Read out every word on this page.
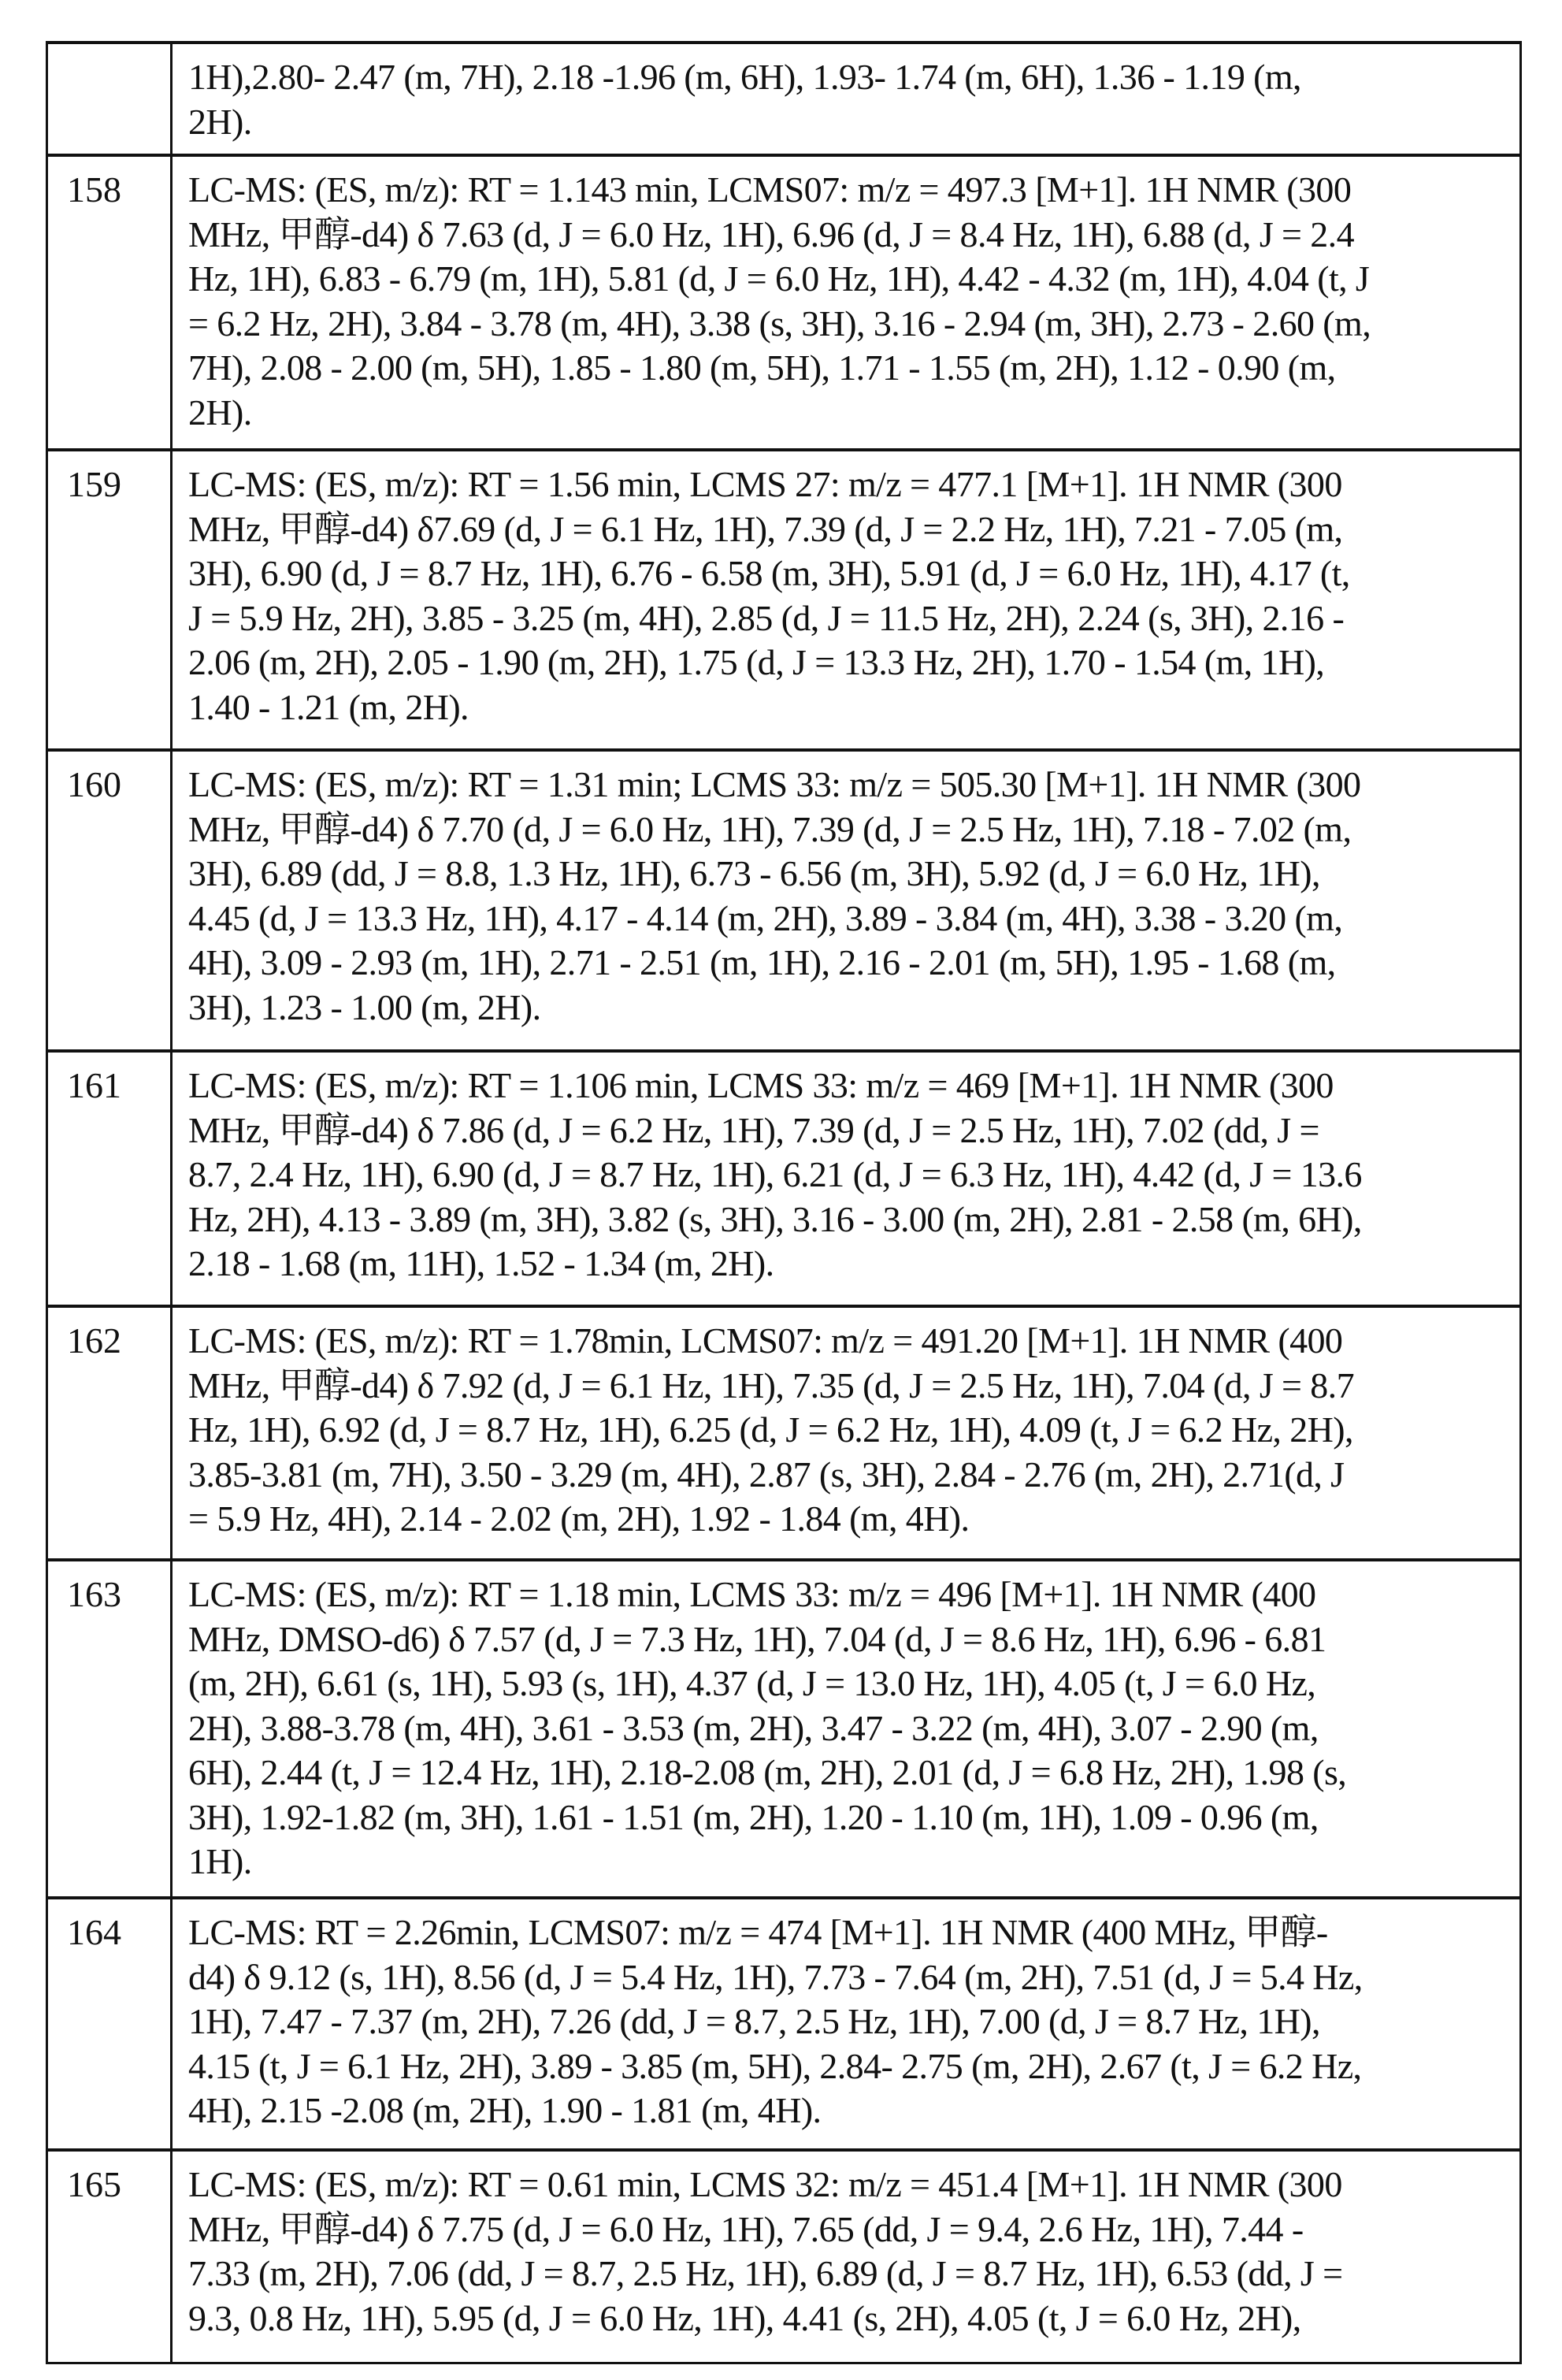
1H),2.80- 2.47 (m, 7H), 2.18 -1.96 (m, 6H), 1.93- 1.74 (m, 6H), 1.36 - 1.19 (m,
2H).
158	LC-MS: (ES, m/z): RT = 1.143 min, LCMS07: m/z = 497.3 [M+1]. 1H NMR (300
MHz, 甲醇-d4) δ 7.63 (d, J = 6.0 Hz, 1H), 6.96 (d, J = 8.4 Hz, 1H), 6.88 (d, J = 2.4
Hz, 1H), 6.83 - 6.79 (m, 1H), 5.81 (d, J = 6.0 Hz, 1H), 4.42 - 4.32 (m, 1H), 4.04 (t, J
= 6.2 Hz, 2H), 3.84 - 3.78 (m, 4H), 3.38 (s, 3H), 3.16 - 2.94 (m, 3H), 2.73 - 2.60 (m,
7H), 2.08 - 2.00 (m, 5H), 1.85 - 1.80 (m, 5H), 1.71 - 1.55 (m, 2H), 1.12 - 0.90 (m,
2H).
159	LC-MS: (ES, m/z): RT = 1.56 min, LCMS 27: m/z = 477.1 [M+1]. 1H NMR (300
MHz, 甲醇-d4) δ7.69 (d, J = 6.1 Hz, 1H), 7.39 (d, J = 2.2 Hz, 1H), 7.21 - 7.05 (m,
3H), 6.90 (d, J = 8.7 Hz, 1H), 6.76 - 6.58 (m, 3H), 5.91 (d, J = 6.0 Hz, 1H), 4.17 (t,
J = 5.9 Hz, 2H), 3.85 - 3.25 (m, 4H), 2.85 (d, J = 11.5 Hz, 2H), 2.24 (s, 3H), 2.16 -
2.06 (m, 2H), 2.05 - 1.90 (m, 2H), 1.75 (d, J = 13.3 Hz, 2H), 1.70 - 1.54 (m, 1H),
1.40 - 1.21 (m, 2H).
160	LC-MS: (ES, m/z): RT = 1.31 min; LCMS 33: m/z = 505.30 [M+1]. 1H NMR (300
MHz, 甲醇-d4) δ 7.70 (d, J = 6.0 Hz, 1H), 7.39 (d, J = 2.5 Hz, 1H), 7.18 - 7.02 (m,
3H), 6.89 (dd, J = 8.8, 1.3 Hz, 1H), 6.73 - 6.56 (m, 3H), 5.92 (d, J = 6.0 Hz, 1H),
4.45 (d, J = 13.3 Hz, 1H), 4.17 - 4.14 (m, 2H), 3.89 - 3.84 (m, 4H), 3.38 - 3.20 (m,
4H), 3.09 - 2.93 (m, 1H), 2.71 - 2.51 (m, 1H), 2.16 - 2.01 (m, 5H), 1.95 - 1.68 (m,
3H), 1.23 - 1.00 (m, 2H).
161	LC-MS: (ES, m/z): RT = 1.106 min, LCMS 33: m/z = 469 [M+1]. 1H NMR (300
MHz, 甲醇-d4) δ 7.86 (d, J = 6.2 Hz, 1H), 7.39 (d, J = 2.5 Hz, 1H), 7.02 (dd, J =
8.7, 2.4 Hz, 1H), 6.90 (d, J = 8.7 Hz, 1H), 6.21 (d, J = 6.3 Hz, 1H), 4.42 (d, J = 13.6
Hz, 2H), 4.13 - 3.89 (m, 3H), 3.82 (s, 3H), 3.16 - 3.00 (m, 2H), 2.81 - 2.58 (m, 6H),
2.18 - 1.68 (m, 11H), 1.52 - 1.34 (m, 2H).
162	LC-MS: (ES, m/z): RT = 1.78min, LCMS07: m/z = 491.20 [M+1]. 1H NMR (400
MHz, 甲醇-d4) δ 7.92 (d, J = 6.1 Hz, 1H), 7.35 (d, J = 2.5 Hz, 1H), 7.04 (d, J = 8.7
Hz, 1H), 6.92 (d, J = 8.7 Hz, 1H), 6.25 (d, J = 6.2 Hz, 1H), 4.09 (t, J = 6.2 Hz, 2H),
3.85-3.81 (m, 7H), 3.50 - 3.29 (m, 4H), 2.87 (s, 3H), 2.84 - 2.76 (m, 2H), 2.71(d, J
= 5.9 Hz, 4H), 2.14 - 2.02 (m, 2H), 1.92 - 1.84 (m, 4H).
163	LC-MS: (ES, m/z): RT = 1.18 min, LCMS 33: m/z = 496 [M+1]. 1H NMR (400
MHz, DMSO-d6) δ 7.57 (d, J = 7.3 Hz, 1H), 7.04 (d, J = 8.6 Hz, 1H), 6.96 - 6.81
(m, 2H), 6.61 (s, 1H), 5.93 (s, 1H), 4.37 (d, J = 13.0 Hz, 1H), 4.05 (t, J = 6.0 Hz,
2H), 3.88-3.78 (m, 4H), 3.61 - 3.53 (m, 2H), 3.47 - 3.22 (m, 4H), 3.07 - 2.90 (m,
6H), 2.44 (t, J = 12.4 Hz, 1H), 2.18-2.08 (m, 2H), 2.01 (d, J = 6.8 Hz, 2H), 1.98 (s,
3H), 1.92-1.82 (m, 3H), 1.61 - 1.51 (m, 2H), 1.20 - 1.10 (m, 1H), 1.09 - 0.96 (m,
1H).
164	LC-MS: RT = 2.26min, LCMS07: m/z = 474 [M+1]. 1H NMR (400 MHz, 甲醇-
d4) δ 9.12 (s, 1H), 8.56 (d, J = 5.4 Hz, 1H), 7.73 - 7.64 (m, 2H), 7.51 (d, J = 5.4 Hz,
1H), 7.47 - 7.37 (m, 2H), 7.26 (dd, J = 8.7, 2.5 Hz, 1H), 7.00 (d, J = 8.7 Hz, 1H),
4.15 (t, J = 6.1 Hz, 2H), 3.89 - 3.85 (m, 5H), 2.84- 2.75 (m, 2H), 2.67 (t, J = 6.2 Hz,
4H), 2.15 -2.08 (m, 2H), 1.90 - 1.81 (m, 4H).
165	LC-MS: (ES, m/z): RT = 0.61 min, LCMS 32: m/z = 451.4 [M+1]. 1H NMR (300
MHz, 甲醇-d4) δ 7.75 (d, J = 6.0 Hz, 1H), 7.65 (dd, J = 9.4, 2.6 Hz, 1H), 7.44 -
7.33 (m, 2H), 7.06 (dd, J = 8.7, 2.5 Hz, 1H), 6.89 (d, J = 8.7 Hz, 1H), 6.53 (dd, J =
9.3, 0.8 Hz, 1H), 5.95 (d, J = 6.0 Hz, 1H), 4.41 (s, 2H), 4.05 (t, J = 6.0 Hz, 2H),
